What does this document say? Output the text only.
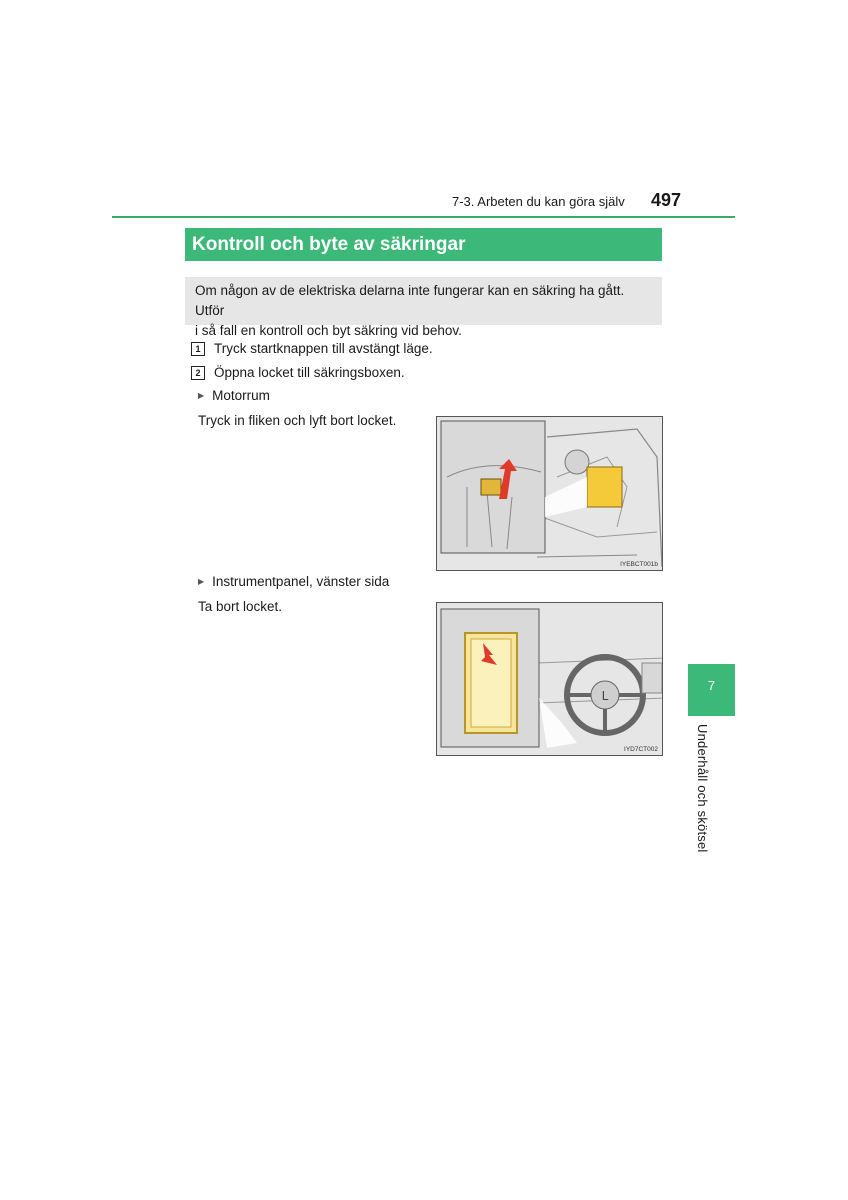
7-3. Arbeten du kan göra själv 497
Kontroll och byte av säkringar
Om någon av de elektriska delarna inte fungerar kan en säkring ha gått. Utför
i så fall en kontroll och byt säkring vid behov.
1 Tryck startknappen till avstängt läge.
2 Öppna locket till säkringsboxen.
▶ Motorrum
Tryck in fliken och lyft bort locket.
IYEBCT001b
▶ Instrumentpanel, vänster sida
Ta bort locket.
L
IYD7CT002
7
Underhåll och skötsel
